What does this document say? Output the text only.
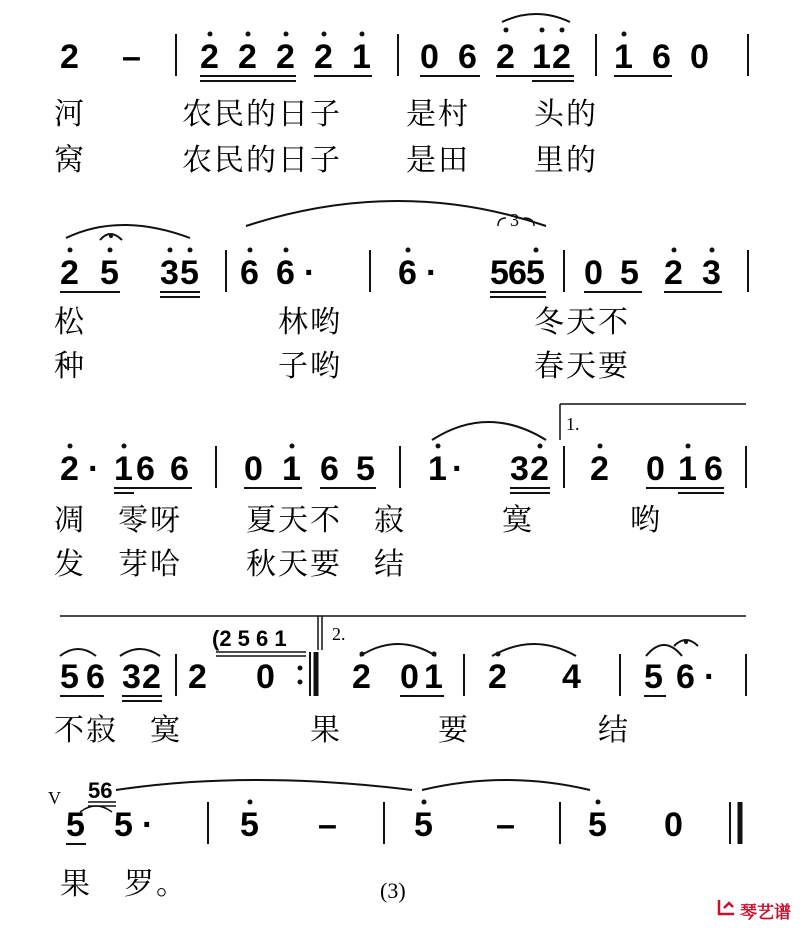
2 – 2 2 2 2 1 0 6 2 1 2 1 6 0
河　　　农民的日子　　是村　　头的
窝　　　农民的日子　　是田　　里的
2 5 3 5 6 6 · 6 · 5 6 5
3
0 5 2 3
松　　　　　　林哟　　　　　　冬天不
种　　　　　　子哟　　　　　　春天要
1.
2 · 1 6 6 0 1 6 5 1 · 3 2 2 0 1 6
凋　零呀　　夏天不　寂　　　寞　　　哟
发　芽哈　　秋天要　结
2.
(2 5 6 1
5 6 3 2 2 0 2 0 1 2 4 5 6 ·
不寂　寞　　　　果　　　要　　　　结
V 56
5 5 ·	5 – 5 – 5 0
果　罗。	(3)
琴艺谱
